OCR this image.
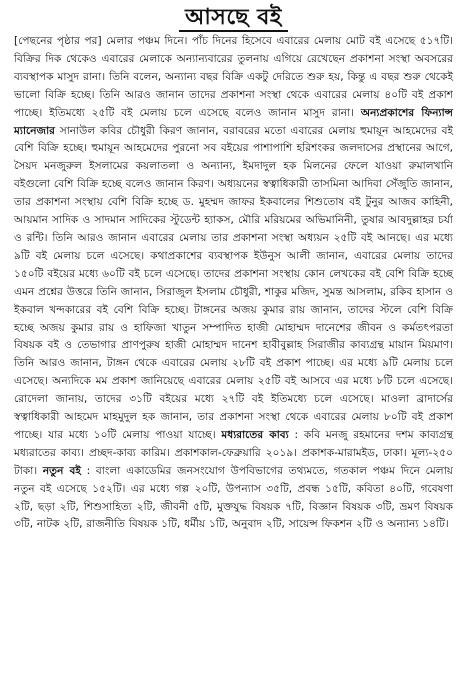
আসছে বই

[পেছনের পৃষ্ঠার পর] মেলার পঞ্চম দিনে। পাঁচ দিনের হিসেবে এবারের মেলায় মোট বই এসেছে ৫১৭টি। বিক্রির দিক থেকেও এবারের মেলাকে অন্যান্যবারের তুলনায় এগিয়ে রেখেছেন প্রকাশনা সংস্থা অবসরের ব্যবস্থাপক মাসুদ রানা। তিনি বলেন, অন্যান্য বছর বিক্রি একটু দেরিতে শুরু হয়, কিন্তু এ বছর শুরু থেকেই ভালো বিক্রি হচ্ছে। তিনি আরও জানান তাদের প্রকাশনা সংস্থা থেকে এবারের মেলায় ৪০টি বই প্রকাশ পাচ্ছে। ইতিমধ্যে ২৫টি বই মেলায় চলে এসেছে বলেও জানান মাসুদ রানা। অন্যপ্রকাশের ফিন্যান্স ম্যানেজার সানাউল কবির চৌধুরী কিরণ জানান, বরাবরের মতো এবারের মেলায় হুমায়ূন আহমেদের বই বেশি বিক্রি হচ্ছে। হুমায়ূন আহমেদের পুরনো সব বইয়ের পাশাপাশি হরিশংকর জলদাসের প্রস্থানের আগে, সৈয়দ মনজুরুল ইসলামের কয়লাতলা ও অন্যান্য, ইমদাদুল হক মিলনের ফেলে যাওয়া রুমালখানি বইগুলো বেশি বিক্রি হচ্ছে বলেও জানান কিরণ। অধ্যয়নের স্বত্বাধিকারী তাসমিনা আদিবা সেঁজুতি জানান, তার প্রকাশনা সংস্থায় বেশি বিক্রি হচ্ছে ড. মুহম্মদ জাফর ইকবালের শিশুতোষ বই টুনুর আজব কাহিনী, আয়মান সাদিক ও সাদমান সাদিকের স্টুডেন্ট হ্যাকস, মৌরি মরিয়মের অভিমানিনী, তুষার আবদুল্লাহর চর্যা ও রন্টি। তিনি আরও জানান এবারের মেলায় তার প্রকাশনা সংস্থা অধ্যয়ন ২৫টি বই আনছে। এর মধ্যে ৯টি বই মেলায় চলে এসেছে। কথাপ্রকাশের ব্যবস্থাপক ইউনুস আলী জানান, এবারের মেলায় তাদের ১৫০টি বইয়ের মধ্যে ৬০টি বই চলে এসেছে। তাদের প্রকাশনা সংস্থায় কোন লেখকের বই বেশি বিক্রি হচ্ছে এমন প্রশ্নের উত্তরে তিনি জানান, সিরাজুল ইসলাম চৌধুরী, শাকুর মজিদ, সুমন্ত আসলাম, রকিব হাসান ও ইকবাল খন্দকারের বই বেশি বিক্রি হচ্ছে। টাঙ্গনের অজয় কুমার রায় জানান, তাদের স্টলে বেশি বিক্রি হচ্ছে অজয় কুমার রায় ও হাফিজা খাতুন সম্পাদিত হাজী মোহাম্মদ দানেশের জীবন ও কর্মতৎপরতা বিষয়ক বই ও তেভাগার প্রাণপুরুষ হাজী মোহাম্মদ দানেশ হাবীবুল্লাহ সিরাজীর কাব্যগ্রন্থ মায়ান মিয়মাণ। তিনি আরও জানান, টাঙ্গন থেকে এবারের মেলায় ২৮টি বই প্রকাশ পাচ্ছে। এর মধ্যে ৯টি মেলায় চলে এসেছে। অন্যদিকে মম প্রকাশ জানিয়েছে এবারের মেলায় ২৫টি বই আসবে এর মধ্যে ৮টি চলে এসেছে। রোদেলা জানায়, তাদের ৩১টি বইয়ের মধ্যে ২৭টি বই ইতিমধ্যে চলে এসেছে। মাওলা ব্রাদার্সের স্বত্বাধিকারী আহমেদ মাহমুদুল হক জানান, তার প্রকাশনা সংস্থা থেকে এবারের মেলায় ৮০টি বই প্রকাশ পাচ্ছে। যার মধ্যে ১০টি মেলায় পাওয়া যাচ্ছে। মধ্যরাতের কাব্য : কবি মনজু রহমানের দশম কাব্যগ্রন্থ মধ্যরাতের কাব্য। প্রচ্ছদ-কাব্য কারিম। প্রকাশকাল-ফেব্রুয়ারি ২০১৯। প্রকাশক-মারামইড, ঢাকা। মূল্য-২৫০ টাকা। নতুন বই : বাংলা একাডেমির জনসংযোগ উপবিভাগের তথ্যমতে, গতকাল পঞ্চম দিনে মেলায় নতুন বই এসেছে ১৫২টি। এর মধ্যে গল্প ২০টি, উপন্যাস ৩৫টি, প্রবন্ধ ১৫টি, কবিতা ৪০টি, গবেষণা ২টি, ছড়া ২টি, শিশুসাহিত্য ২টি, জীবনী ৫টি, মুক্তযুদ্ধ বিষয়ক ৭টি, বিজ্ঞান বিষয়ক ৩টি, ভ্রমণ বিষয়ক ৩টি, নাটক ২টি, রাজনীতি বিষয়ক ১টি, ধর্মীয় ১টি, অনুবাদ ২টি, সায়েন্স ফিকশন ২টি ও অন্যান্য ১৪টি।
